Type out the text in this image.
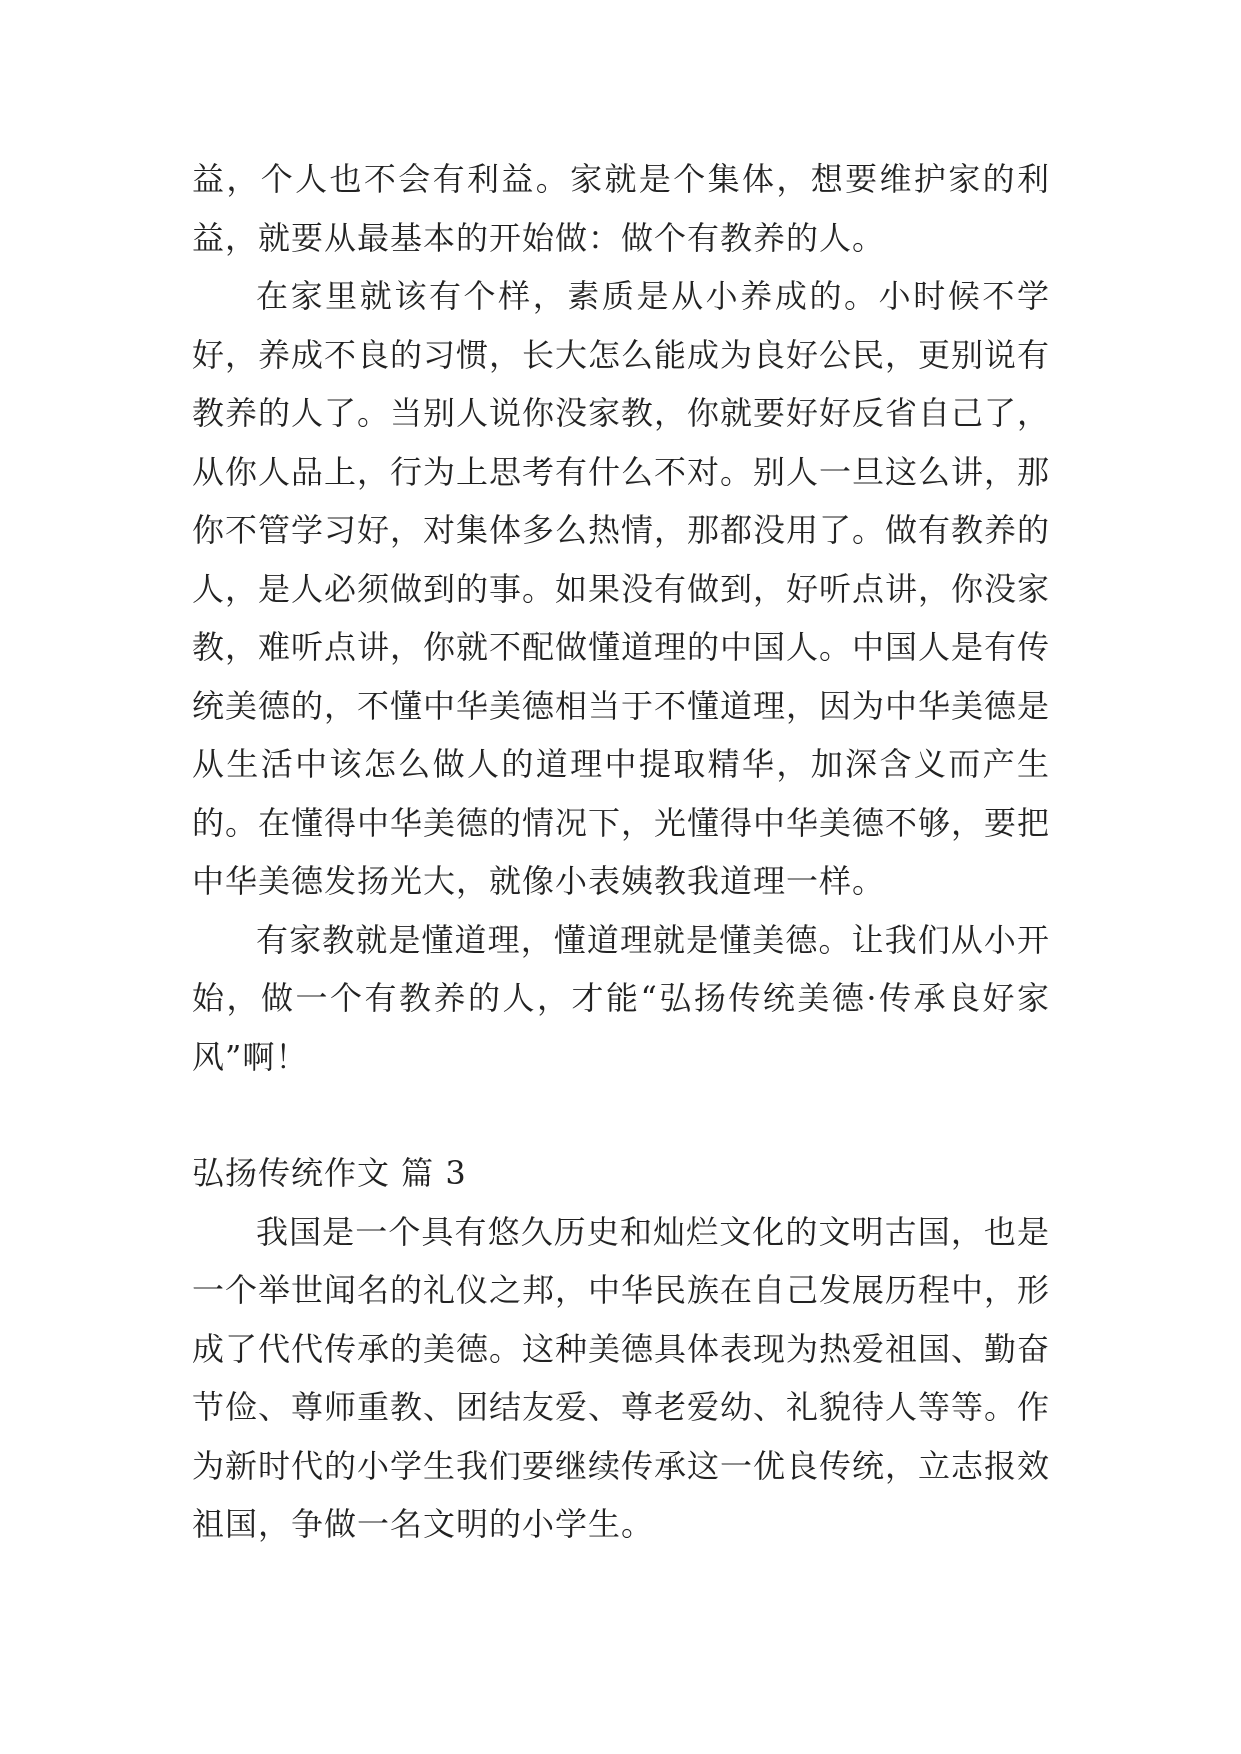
益，个人也不会有利益。家就是个集体，想要维护家的利益，就要从最基本的开始做：做个有教养的人。

在家里就该有个样，素质是从小养成的。小时候不学好，养成不良的习惯，长大怎么能成为良好公民，更别说有教养的人了。当别人说你没家教，你就要好好反省自己了，从你人品上，行为上思考有什么不对。别人一旦这么讲，那你不管学习好，对集体多么热情，那都没用了。做有教养的人，是人必须做到的事。如果没有做到，好听点讲，你没家教，难听点讲，你就不配做懂道理的中国人。中国人是有传统美德的，不懂中华美德相当于不懂道理，因为中华美德是从生活中该怎么做人的道理中提取精华，加深含义而产生的。在懂得中华美德的情况下，光懂得中华美德不够，要把中华美德发扬光大，就像小表姨教我道理一样。

有家教就是懂道理，懂道理就是懂美德。让我们从小开始，做一个有教养的人，才能“弘扬传统美德·传承良好家风”啊！

弘扬传统作文 篇 3

我国是一个具有悠久历史和灿烂文化的文明古国，也是一个举世闻名的礼仪之邦，中华民族在自己发展历程中，形成了代代传承的美德。这种美德具体表现为热爱祖国、勤奋节俭、尊师重教、团结友爱、尊老爱幼、礼貌待人等等。作为新时代的小学生我们要继续传承这一优良传统，立志报效祖国，争做一名文明的小学生。
